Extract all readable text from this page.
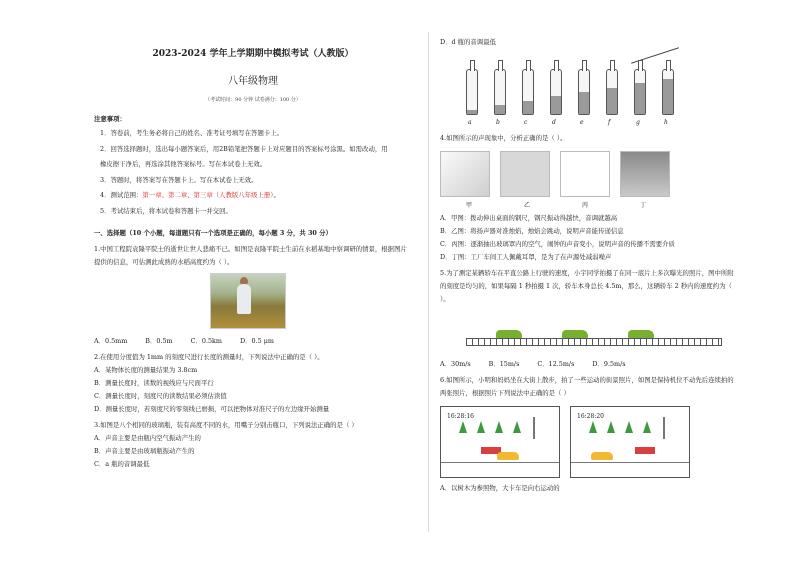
2023-2024 学年上学期期中模拟考试（人教版）
八年级物理
（考试时间：90 分钟 试卷满分：100 分）
注意事项：

1．答卷前，考生务必将自己的姓名、准考证号填写在答题卡上。

2．回答选择题时，选出每小题答案后，用2B铅笔把答题卡上对应题目的答案标号涂黑。如需改动，用

橡皮擦干净后，再选涂其他答案标号。写在本试卷上无效。

3．答题时，将答案写在答题卡上。写在本试卷上无效。

4．测试范围：第一章、第二章、第三章（人教版八年级上册）。

5．考试结束后，将本试卷和答题卡一并交回。

一、选择题（10 个小题，每道题只有一个选项是正确的，每小题 3 分，共 30 分）

1.中国工程院袁隆平院士的逝世让世人悲痛不已。如图是袁隆平院士生前在水稻基地中察调研的情景，根据图片提供的信息，可估测此成熟的水稻高度约为（ ）。

A．0.5mm	B．0.5m	C．0.5km	D．0.5 μm

2.在使用分度值为 1mm 的刻度尺进行长度的测量时，下列说法中正确的是（ ）。

A．某物体长度的测量结果为 3.8cm

B．测量长度时，读数的视线应与尺面平行

C．测量长度时，刻度尺的读数结果必须估读值

D．测量长度时，若刻度尺的零刻线已磨损，可以把物体对准尺子的左边缘开始测量

3.如图是八个相同的玻璃瓶，装有高度不同的水，用嘴子分别击瓶口，下列说法正确的是（ ）

A．声音主要是由瓶内空气振动产生的

B．声音主要是由玻璃瓶振动产生的

C．a 瓶的音调最低

D．d 瓶的音调最低

a	b	c	d	e	f	g	h

4.如图所示的声现象中，分析正确的是（ ）。

甲	乙	丙	丁

A．甲图：拨动伸出桌面的钢尺，钢尺振动得越快，音调就越高

B．乙图：将扬声器对准烛焰，烛焰会跳动，说明声音能传递信息

C．丙图：逐渐抽出玻璃罩内的空气，闹钟的声音变小，说明声音的传播不需要介质

D．丁图：工厂车间工人佩戴耳罩，是为了在声源处减弱噪声

5.为了测定某辆轿车在平直公路上行驶的速度，小宇同学拍摄了在同一底片上多次曝光的照片，图中所附的刻度是均匀的，如果每隔 1 秒拍摄 1 次，轿车本身总长 4.5m，那么，这辆轿车 2 秒内的速度约为（ ）。

A．30m/s	B．15m/s	C．12.5m/s	D．9.5m/s

6.如图所示，小明和妈妈坐在大街上散步，拍了一些运动的街景照片，如图是保持机位不动先后连续拍的两张照片，根据照片下列说法中正确的是（ ）

16:28:16	16:28:20

A．以树木为参照物，大卡车是向右运动的
